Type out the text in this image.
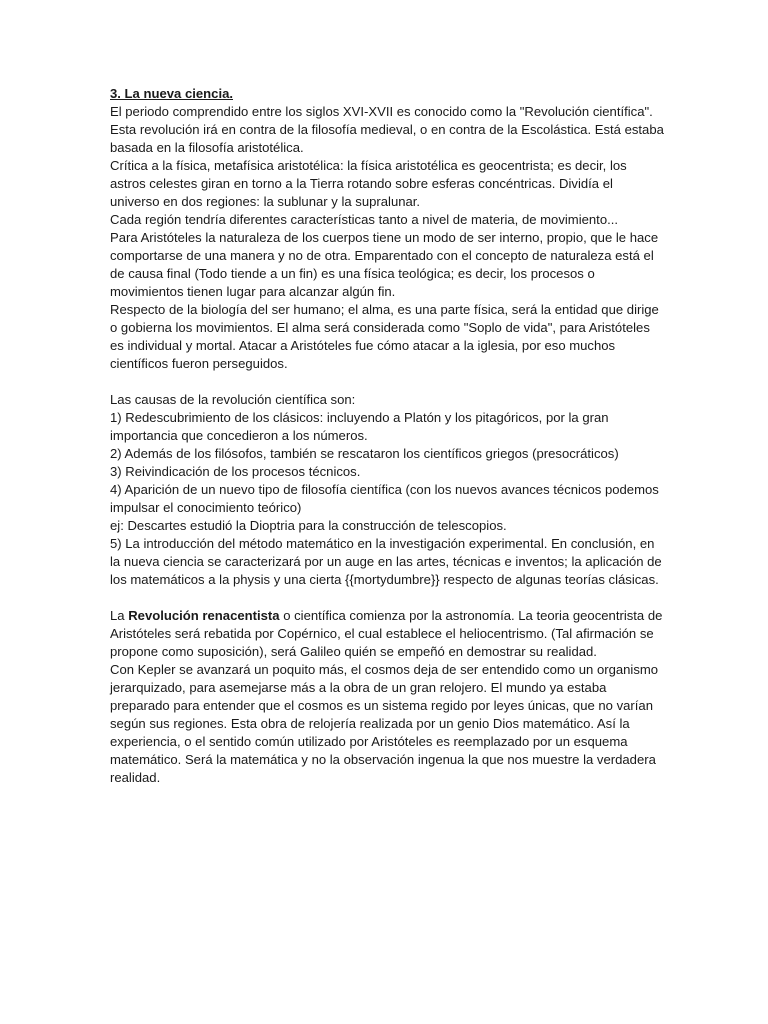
3. La nueva ciencia.

El periodo comprendido entre los siglos XVI-XVII es conocido como la "Revolución científica".

Esta revolución irá en contra de la filosofía medieval, o en contra de la Escolástica. Está estaba basada en la filosofía aristotélica.

Crítica a la física, metafísica aristotélica: la física aristotélica es geocentrista; es decir, los astros celestes giran en torno a la Tierra rotando sobre esferas concéntricas. Dividía el universo en dos regiones: la sublunar y la supralunar.

Cada región tendría diferentes características tanto a nivel de materia, de movimiento...

Para Aristóteles la naturaleza de los cuerpos tiene un modo de ser interno, propio, que le hace comportarse de una manera y no de otra. Emparentado con el concepto de naturaleza está el de causa final (Todo tiende a un fin) es una física teológica; es decir, los procesos o movimientos tienen lugar para alcanzar algún fin.

Respecto de la biología del ser humano; el alma, es una parte física, será la entidad que dirige o gobierna los movimientos. El alma será considerada como "Soplo de vida", para Aristóteles es individual y mortal. Atacar a Aristóteles fue cómo atacar a la iglesia, por eso muchos científicos fueron perseguidos.

Las causas de la revolución científica son:

1) Redescubrimiento de los clásicos: incluyendo a Platón y los pitagóricos, por la gran importancia que concedieron a los números.

2) Además de los filósofos, también se rescataron los científicos griegos (presocráticos)

3) Reivindicación de los procesos técnicos.

4) Aparición de un nuevo tipo de filosofía científica (con los nuevos avances técnicos podemos impulsar el conocimiento teórico)

ej: Descartes estudió la Dioptria para la construcción de telescopios.

5) La introducción del método matemático en la investigación experimental. En conclusión, en la nueva ciencia se caracterizará por un auge en las artes, técnicas e inventos; la aplicación de los matemáticos a la physis y una cierta {{mortydumbre}} respecto de algunas teorías clásicas.

La Revolución renacentista o científica comienza por la astronomía. La teoria geocentrista de Aristóteles será rebatida por Copérnico, el cual establece el heliocentrismo. (Tal afirmación se propone como suposición), será Galileo quién se empeñó en demostrar su realidad.

Con Kepler se avanzará un poquito más, el cosmos deja de ser entendido como un organismo jerarquizado, para asemejarse más a la obra de un gran relojero. El mundo ya estaba preparado para entender que el cosmos es un sistema regido por leyes únicas, que no varían según sus regiones. Esta obra de relojería realizada por un genio Dios matemático. Así la experiencia, o el sentido común utilizado por Aristóteles es reemplazado por un esquema matemático. Será la matemática y no la observación ingenua la que nos muestre la verdadera realidad.
